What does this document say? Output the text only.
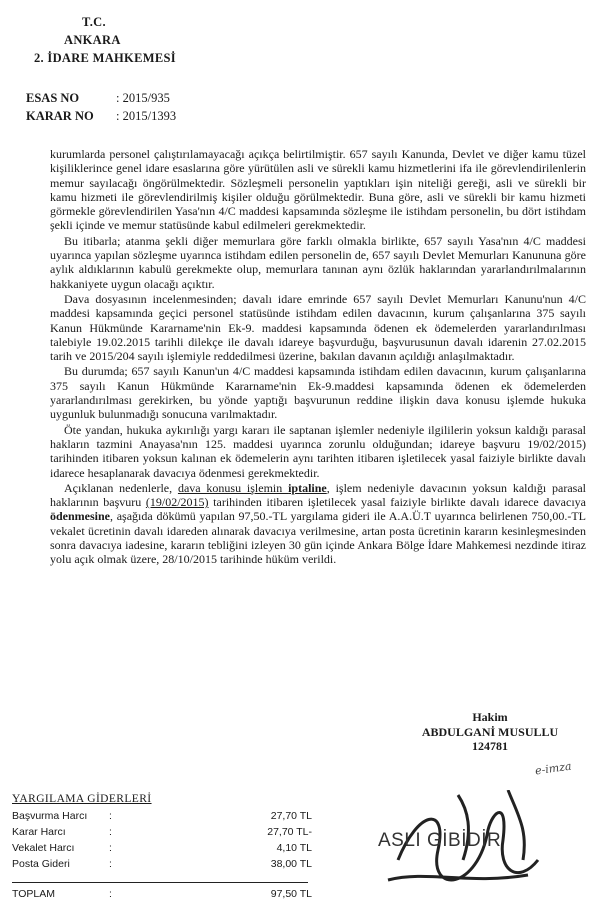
T.C.
ANKARA
2. İDARE MAHKEMESİ
ESAS NO	: 2015/935
KARAR NO : 2015/1393

kurumlarda personel çalıştırılamayacağı açıkça belirtilmiştir. 657 sayılı Kanunda, Devlet ve diğer kamu tüzel kişiliklerince genel idare esaslarına göre yürütülen asli ve sürekli kamu hizmetlerini ifa ile görevlendirilenlerin memur sayılacağı öngörülmektedir. Sözleşmeli personelin yaptıkları işin niteliği gereği, asli ve sürekli bir kamu hizmeti ile görevlendirilmiş kişiler olduğu görülmektedir. Buna göre, asli ve sürekli bir kamu hizmeti görmekle görevlendirilen Yasa'nın 4/C maddesi kapsamında sözleşme ile istihdam personelin, bu dört istihdam şekli içinde ve memur statüsünde kabul edilmeleri gerekmektedir.

Bu itibarla; atanma şekli diğer memurlara göre farklı olmakla birlikte, 657 sayılı Yasa'nın 4/C maddesi uyarınca yapılan sözleşme uyarınca istihdam edilen personelin de, 657 sayılı Devlet Memurları Kanununa göre aylık aldıklarının kabulü gerekmekte olup, memurlara tanınan aynı özlük haklarından yararlandırılmalarının hakkaniyete uygun olacağı açıktır.

Dava dosyasının incelenmesinden; davalı idare emrinde 657 sayılı Devlet Memurları Kanunu'nun 4/C maddesi kapsamında geçici personel statüsünde istihdam edilen davacının, kurum çalışanlarına 375 sayılı Kanun Hükmünde Kararname'nin Ek-9. maddesi kapsamında ödenen ek ödemelerden yararlandırılması talebiyle 19.02.2015 tarihli dilekçe ile davalı idareye başvurduğu, başvurusunun davalı idarenin 27.02.2015 tarih ve 2015/204 sayılı işlemiyle reddedilmesi üzerine, bakılan davanın açıldığı anlaşılmaktadır.

Bu durumda; 657 sayılı Kanun'un 4/C maddesi kapsamında istihdam edilen davacının, kurum çalışanlarına 375 sayılı Kanun Hükmünde Kararname'nin Ek-9.maddesi kapsamında ödenen ek ödemelerden yararlandırılması gerekirken, bu yönde yaptığı başvurunun reddine ilişkin dava konusu işlemde hukuka uygunluk bulunmadığı sonucuna varılmaktadır.

Öte yandan, hukuka aykırılığı yargı kararı ile saptanan işlemler nedeniyle ilgililerin yoksun kaldığı parasal hakların tazmini Anayasa'nın 125. maddesi uyarınca zorunlu olduğundan; idareye başvuru 19/02/2015) tarihinden itibaren yoksun kalınan ek ödemelerin aynı tarihten itibaren işletilecek yasal faiziyle birlikte davalı idarece hesaplanarak davacıya ödenmesi gerekmektedir.

Açıklanan nedenlerle, dava konusu işlemin iptaline, işlem nedeniyle davacının yoksun kaldığı parasal haklarının başvuru (19/02/2015) tarihinden itibaren işletilecek yasal faiziyle birlikte davalı idarece davacıya ödenmesine, aşağıda dökümü yapılan 97,50.-TL yargılama gideri ile A.A.Ü.T uyarınca belirlenen 750,00.-TL vekalet ücretinin davalı idareden alınarak davacıya verilmesine, artan posta ücretinin kararın kesinleşmesinden sonra davacıya iadesine, kararın tebliğini izleyen 30 gün içinde Ankara Bölge İdare Mahkemesi nezdinde itiraz yolu açık olmak üzere, 28/10/2015 tarihinde hüküm verildi.

Hakim
ABDULGANİ MUSULLU
124781
e-imza
YARGILAMA GİDERLERİ
Başvurma Harcı :	27,70 TL
Karar Harcı	:	27,70 TL-
Vekalet Harcı	:	4,10 TL
Posta Gideri	:	38,00 TL
TOPLAM	:	97,50 TL
ASLI GİBİDİR
